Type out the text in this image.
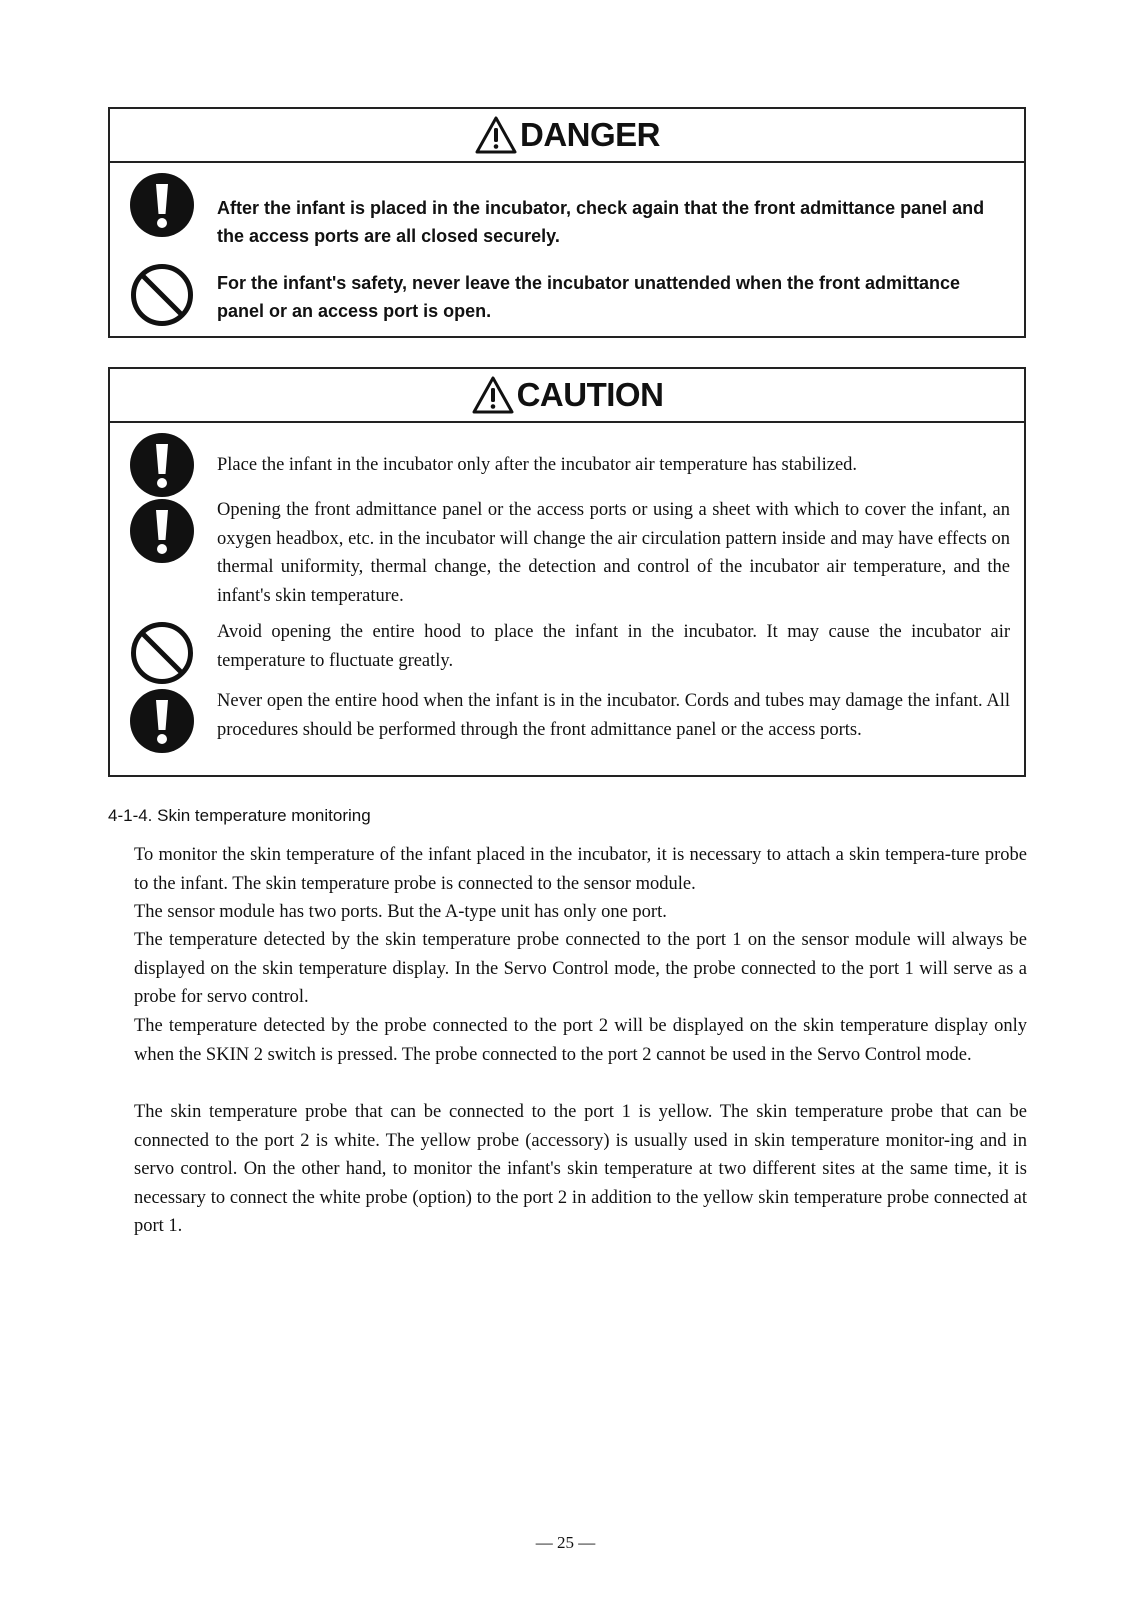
DANGER

After the infant is placed in the incubator, check again that the front admittance panel and the access ports are all closed securely.

For the infant's safety, never leave the incubator unattended when the front admittance panel or an access port is open.

CAUTION

Place the infant in the incubator only after the incubator air temperature has stabilized.

Opening the front admittance panel or the access ports or using a sheet with which to cover the infant, an oxygen headbox, etc. in the incubator will change the air circulation pattern inside and may have effects on thermal uniformity, thermal change, the detection and control of the incubator air temperature, and the infant's skin temperature.

Avoid opening the entire hood to place the infant in the incubator. It may cause the incubator air temperature to fluctuate greatly.

Never open the entire hood when the infant is in the incubator. Cords and tubes may damage the infant. All procedures should be performed through the front admittance panel or the access ports.

4-1-4. Skin temperature monitoring

To monitor the skin temperature of the infant placed in the incubator, it is necessary to attach a skin tempera-ture probe to the infant. The skin temperature probe is connected to the sensor module.

The sensor module has two ports. But the A-type unit has only one port.

The temperature detected by the skin temperature probe connected to the port 1 on the sensor module will always be displayed on the skin temperature display. In the Servo Control mode, the probe connected to the port 1 will serve as a probe for servo control.

The temperature detected by the probe connected to the port 2 will be displayed on the skin temperature display only when the SKIN 2 switch is pressed. The probe connected to the port 2 cannot be used in the Servo Control mode.

The skin temperature probe that can be connected to the port 1 is yellow. The skin temperature probe that can be connected to the port 2 is white. The yellow probe (accessory) is usually used in skin temperature monitor-ing and in servo control. On the other hand, to monitor the infant's skin temperature at two different sites at the same time, it is necessary to connect the white probe (option) to the port 2 in addition to the yellow skin temperature probe connected at port 1.

— 25 —
